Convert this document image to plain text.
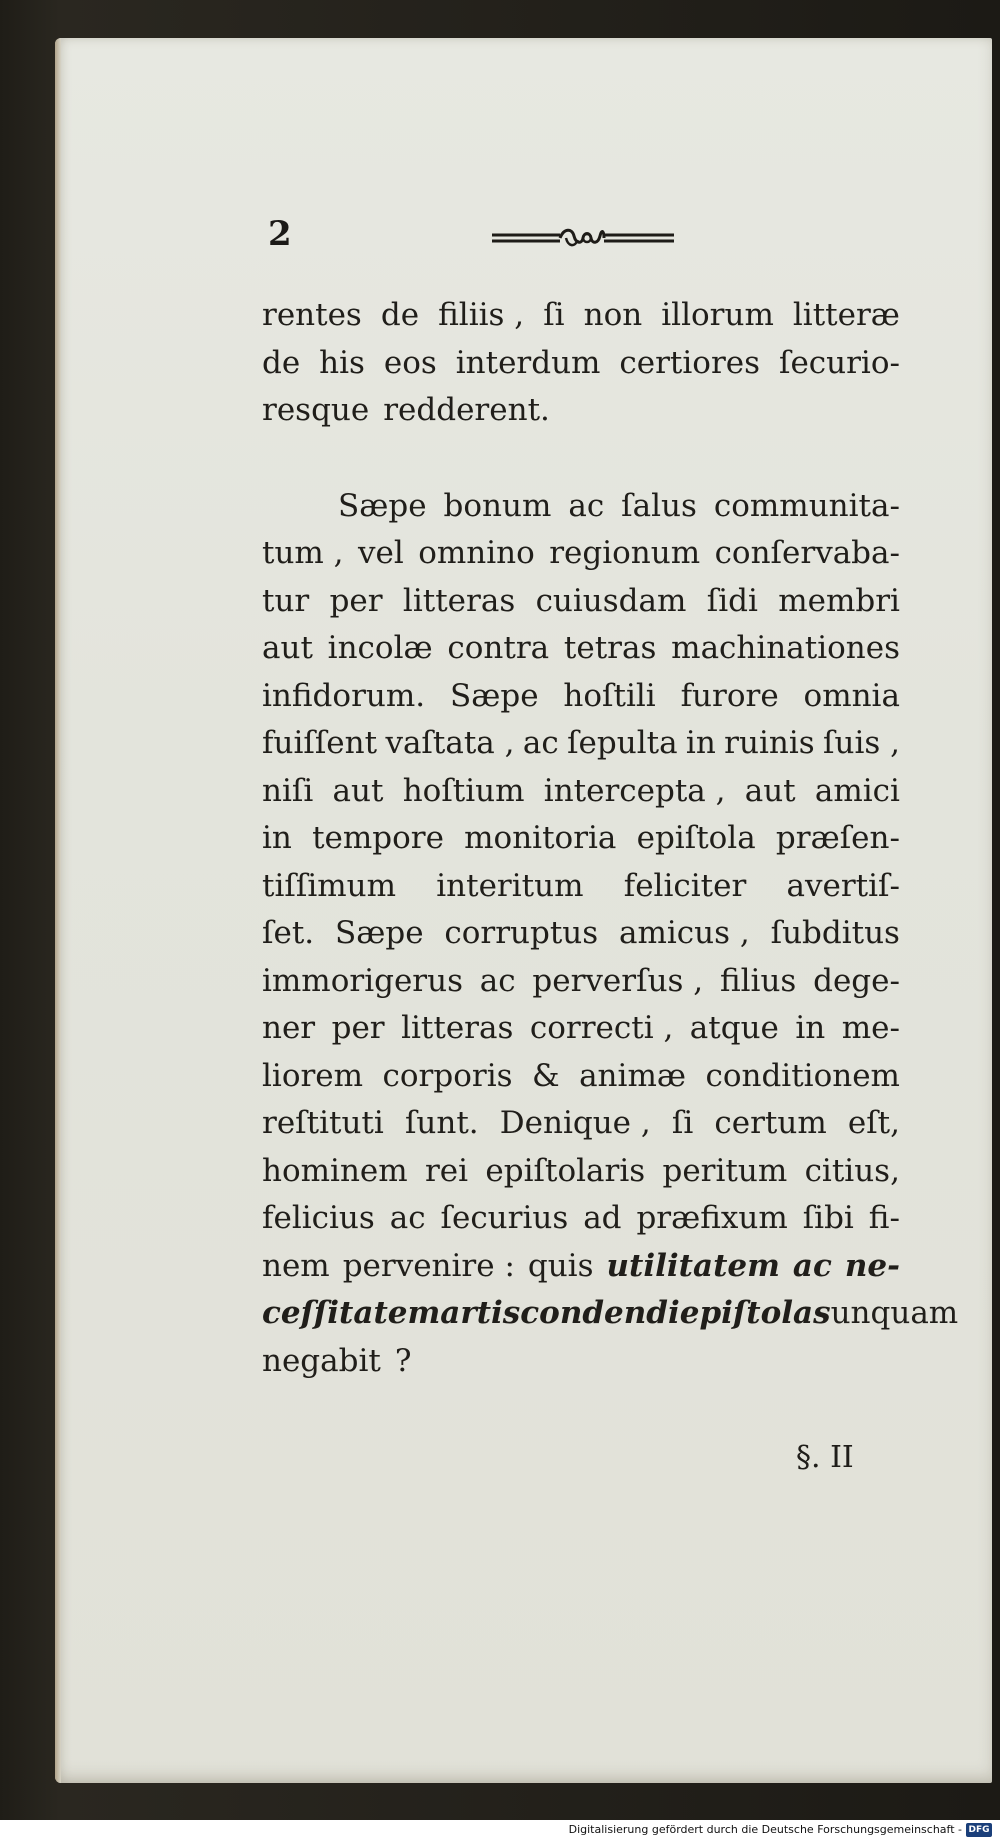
2
rentes de filiis , ſi non illorum litteræ
de his eos interdum certiores ſecurio-
resque redderent.
Sæpe bonum ac ſalus communita-
tum , vel omnino regionum conſervaba-
tur per litteras cuiusdam ſidi membri
aut incolæ contra tetras machinationes
infidorum. Sæpe hoſtili furore omnia
fuiſſent vaſtata , ac ſepulta in ruinis ſuis ,
niſi aut hoſtium intercepta , aut amici
in tempore monitoria epiſtola præſen-
tiſſimum interitum feliciter avertiſ-
ſet. Sæpe corruptus amicus , ſubditus
immorigerus ac perverſus , filius dege-
ner per litteras correcti , atque in me-
liorem corporis & animæ conditionem
reſtituti ſunt. Denique , ſi certum eſt,
hominem rei epiſtolaris peritum citius,
felicius ac ſecurius ad præfixum ſibi fi-
nem pervenire : quis utilitatem ac ne-
ceſſitatem artis condendi epiſtolas unquam
negabit ?
§. II
Digitalisierung gefördert durch die Deutsche Forschungsgemeinschaft - DFG
